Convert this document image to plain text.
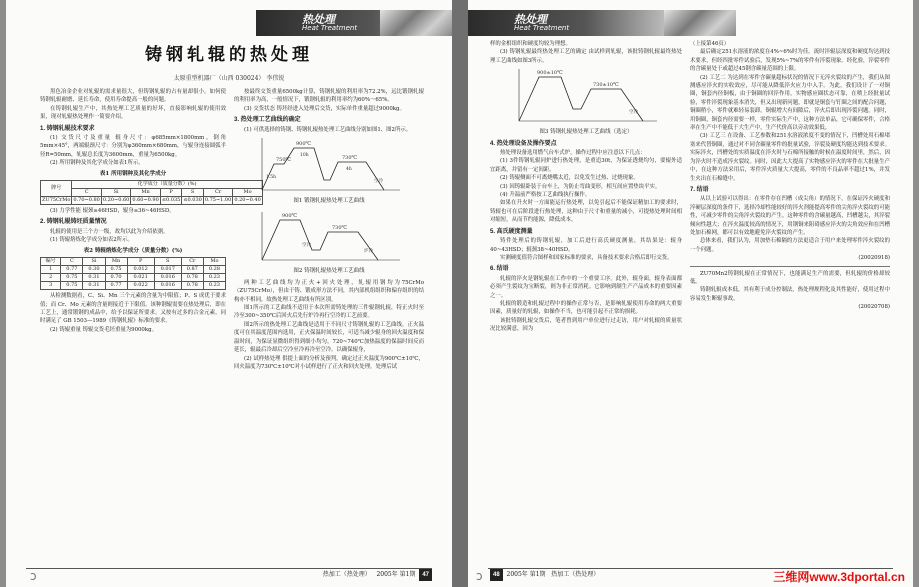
热处理
Heat Treatment
铸钢轧辊的热处理
太原重型机器厂（山西 030024） 李伟锐

黑色冶金企业对轧辊的需求量很大，但铸钢轧辊的占有量却很小。如何使铸钢轧辊耐磨、延长寿命，使用寿命提高一般的问题。

在铸钢轧辊生产中，其热处理工艺质量的好坏，直接影响轧辊的使用效果，现对轧辊热处理作一简要介绍。

1. 铸钢轧辊技术要求

(1) 交货尺寸及重量 辊身尺寸：φ685mm×1800mm，倒角5mm×45°，两端辊颈尺寸：分别为φ360mm×680mm，与辊身连接圆弧半径R=50mm，轧辊总长度为3600mm，重量为6500kg。

(2) 所用钢种及其化学成分如表1所示。

表1 所用钢种及其化学成分
牌号	化学成分（质量分数）(%)						
	C	Si	Mn	P	S	Cr	Mo
ZU75CrMo	0.70~0.80	0.20~0.60	0.60~0.90	≤0.035	≤0.030	0.75~1.00	0.20~0.40

(3) 力学性能 辊颈≥46HSD，辊身≤36~46HSD。

2. 铸钢轧辊铸坯质量情况

轧辊的使用是三个方一级，故均以此为介绍依据。

(1) 铸辊熔炼化学成分如表2所示。

表2 铸辊熔炼化学成分（质量分数）(%)
编号	C	Si	Mn	P	S	Cr	Mo
1	0.77	0.30	0.75	0.012	0.017	0.87	0.28
2	0.75	0.31	0.70	0.021	0.016	0.78	0.23
3	0.75	0.31	0.77	0.022	0.016	0.78	0.23

从检测数据看，C、Si、Mn 三个元素的含量为中限值；P、S 成优于要求值；而 Cr、Mo 元素的含量则接近于下限值。该种钢辊需要在热处理后，即在工艺上，通常锻钢的成品中，给予以保证所要求。又按有过多的合金元素，同时满足了 GB 1503—1989《铸钢轧辊》标准的要求。

(2) 铸辊重量 铸辊交货毛坯重量为9000kg。

按最终交货重量6500kg计算，铸钢轧辊的利用率为72.2%，远比锻钢轧辊的利用率为高，一般情况下，锻钢轧辊的利用率约为60%～65%。

(3) 交货状态 铸坯经进入处理后交货，实际单件重量超过9000kg。

3. 热处理工艺曲线的确定

(1) 可供选择的铸钢、铸钢轧辊热处理工艺曲线分别如图1、图2所示。

750℃
900℃
730℃
10h
4h
空冷
1.5h
图1 锻钢轧辊热处理工艺曲线
900℃
730℃
空冷
炉冷
图2 铸钢轧辊热处理工艺曲线

两种工艺曲线均为正火+回火处理，轧辊用钢均为75CrMo（ZU75CrMo），但由于铸、锻成形方法不同，其内部机组组织和偏存组织的结构亦不相同，故热处理工艺曲线有所区别。

图1所示的工艺曲线不适用于本次所需铸处理的三件辊钢轧辊，特正火时至冷至300~350℃后回火后先行炉冷再行空冷的工艺前要。

图2所示的热处理工艺曲线是适用于不同尺寸铸钢轧辊的工艺曲线。正火温度可在其温度范围内选用，正火保温时间较长，可适当减少辊身的回火温度和保温时间，为保证显微组织得到细小均匀，720~740℃加热温度的保温时间反而延长，辊最后冷却后空冷至冷再冷至空冷。以确保辊身，

(2) 试样热处理 供提上面的分析及预判，确定过正火温度为900℃±10℃，回火温度为730℃±10℃对小试样进行了正火和回火处理。处理后试

热加工（热处理） 2005年 第1期 47
ↄ
热处理
Heat Treatment

样的金相组织和硬度均较为理想。

(3) 铸钢轧辊最终热处理工艺的确定 由试样到轧辊，该批铸钢轧辊最终热处理工艺曲线如图3所示。

900±10℃
730±10℃
空冷
图3 铸钢轧辊热处理工艺曲线（选定）
4. 热处理设备及操作要点

热处理设备选用燃气台车式炉，操作过程中应注意以下几点：

(1) 3件铸钢轧辊同炉进行热处理，是重追30t，为保证透烧均匀，要辊外适宜距离，并留有一定间距。

(2) 铸辊侧面不可离烧嘴太近，以免发生过热、过烧现象。

(3) 因铸辊卧装于台车上，为防止弯曲变形，相互间应置垫块平实。

(4) 升温前严格按工艺曲线执行操作。

如果在升火时一方面能运行热处理，以免引起后不能保证精加工的要求时，铸辊也可在后阶段进行热处理，这种由于尺寸和重量的减小，可提热处理时间相对缩短，从而节约能源，降低成本。

5. 高氏硬度测量

铸件处理后的铸钢轧辊，加工后进行高氏硬度测量，其结果是：辊身40~43HSD；辊颈38~40HSD。

实测硬度值符合图样和国家标准的要求，具备技术要求合格后即行交货。

6. 结语

轧辊的淬火是钢轧辊在工作中的一个重要工序。此外，辊身面，辊身表面都必须产生裂纹为宝断裂，则为非正常消耗。它影响到制生产产品成本的重要因素之一。

轧辊的锻造和轧辊过程中的操作正常与否，是影响轧辊使用寿命的两大重要因素，质量好的轧辊，如操作不当，也可能引起不正常的损耗。

该批铸钢轧辊交货后，笔者曾到用户单位进行过走访，用户对轧辊的质量状况比较满意，因为

（上接第46页）

最后确定251水溶液的浓度在4%~6%时为佳。流时淬辊层深度和硬度均达到技术要求，但经四批零件试验后，发现5%~7%的零件有淬裂现象。经化验，淬裂零件的含碳量处于或超过45钢含碳量范围的上限。

(2) 工艺二 为达到在零件含碳量超标状况的情况下无淬火裂纹的产生，我们从图测感应淬火的实收效应，尽可能从降低淬火应力中入手。为此，我们设计了一对铜圈，铜套内径铜板，由于铜圈的回淬作用，实物感应圈状态可靠，在喷上经批量试验，零件淬裂现象基本消失，但又出现新问题，即就是铜套与钉圈之间的配合问题，铜圈稍小，零件就难轻易装卸。铜辊增大有间隙后，淬火后即出现淬裂问题。同时，用铜圈，铜套内径需要一样，零件实际生产中，这种方法单品，它可确保零件，合格率在生产中不能低于大生产中，生产代价高以旁动效果低。

(3) 工艺三 在设备、工艺参数和251水溶液浓度不变的情况下，凹槽处用石棉堵塞来代替铜圈，通过对不同含碳量零件的批量试验，淬裂及硬度均能达到技术要求。实际淬火，凹槽处的实质温度在淬火时与石棉所接触的时候在温度时间里，然后，因为淬火时不造成淬火裂纹。同时，因此大大提高了实物感应淬火的零件在大批量生产中，在这种方法采用后，零件淬火质量大大提高，零件的不良品率不超过1%，并发生火出在石棉缝中。

7. 结语

从以上试验可以得出：在零件存在凹槽（成尖角）的情况下，在保证淬火硬度和淬硬层深度的条件下，选择冷却性能较好的淬火剂能提高零件的尖角淬火裂纹的可能性，可减少零件的尖角淬火裂纹的产生。这种零件的含碳量越高，凹槽越尖，其淬裂倾向性越大；在淬火温度较高的情况下，用钢铜来阻碍感应淬火的尖角效应和在凹槽处加石棉网，都可以有效地避免淬火裂纹的产生。

总体来看，我们认为，用加垫石棉隔的方法更适合于用户来处理零件淬火裂纹的一个问题。

(20020918)

ZU70Mn2铸钢轧辊在正常情况下，也能满足生产的需要，但轧辊的价格却较低。

铸钢轧辊成本低，其有利于成分控制法，热处理规程化及其性能好，使用过程中容易发生断辊事故。

(20020708)

48 2005年 第1期 热加工（热处理）
ↄ	三维网www.3dportal.cn
